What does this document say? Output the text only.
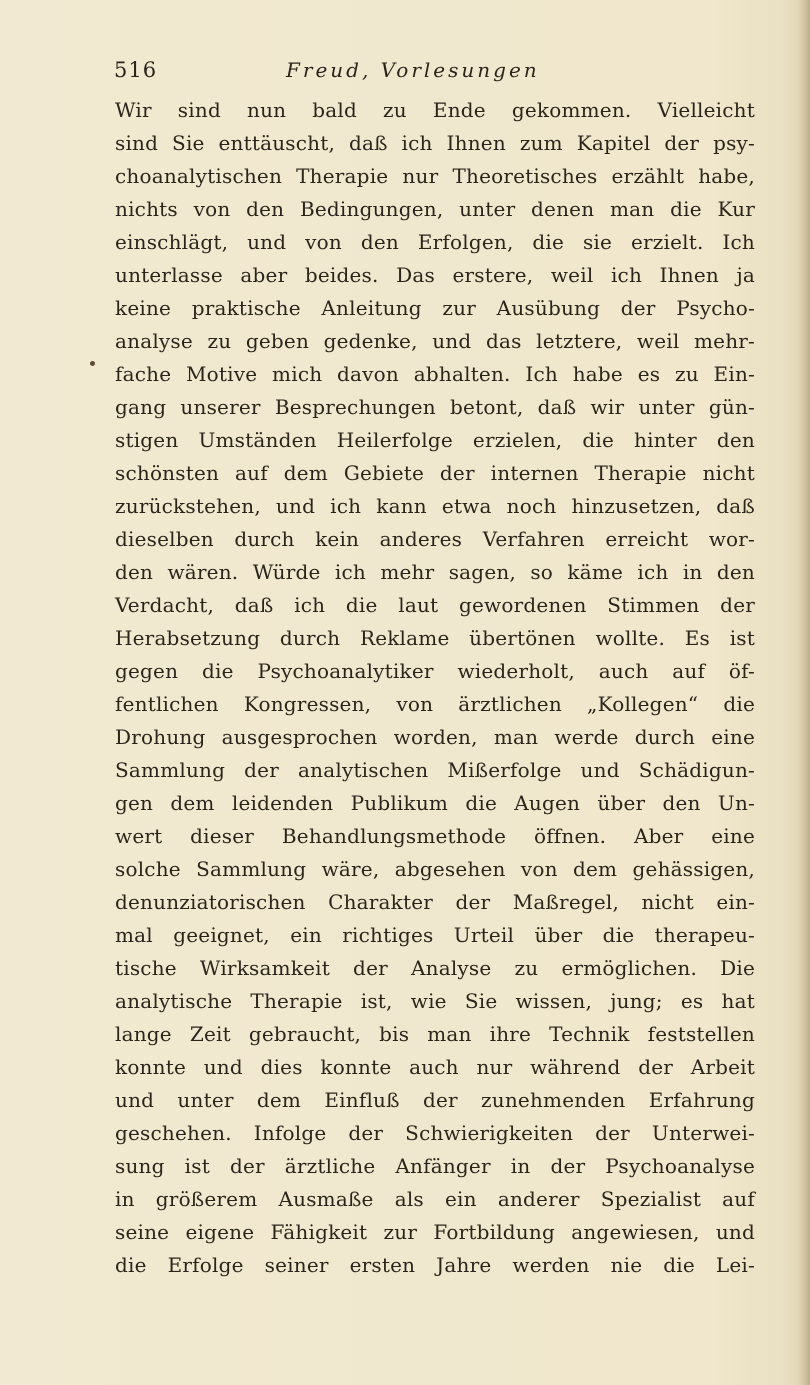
516	Freud, Vorlesungen
Wir sind nun bald zu Ende gekommen. Vielleicht
sind Sie enttäuscht, daß ich Ihnen zum Kapitel der psy-
choanalytischen Therapie nur Theoretisches erzählt habe,
nichts von den Bedingungen, unter denen man die Kur
einschlägt, und von den Erfolgen, die sie erzielt. Ich
unterlasse aber beides. Das erstere, weil ich Ihnen ja
keine praktische Anleitung zur Ausübung der Psycho-
analyse zu geben gedenke, und das letztere, weil mehr-
fache Motive mich davon abhalten. Ich habe es zu Ein-
gang unserer Besprechungen betont, daß wir unter gün-
stigen Umständen Heilerfolge erzielen, die hinter den
schönsten auf dem Gebiete der internen Therapie nicht
zurückstehen, und ich kann etwa noch hinzusetzen, daß
dieselben durch kein anderes Verfahren erreicht wor-
den wären. Würde ich mehr sagen, so käme ich in den
Verdacht, daß ich die laut gewordenen Stimmen der
Herabsetzung durch Reklame übertönen wollte. Es ist
gegen die Psychoanalytiker wiederholt, auch auf öf-
fentlichen Kongressen, von ärztlichen „Kollegen“ die
Drohung ausgesprochen worden, man werde durch eine
Sammlung der analytischen Mißerfolge und Schädigun-
gen dem leidenden Publikum die Augen über den Un-
wert dieser Behandlungsmethode öffnen. Aber eine
solche Sammlung wäre, abgesehen von dem gehässigen,
denunziatorischen Charakter der Maßregel, nicht ein-
mal geeignet, ein richtiges Urteil über die therapeu-
tische Wirksamkeit der Analyse zu ermöglichen. Die
analytische Therapie ist, wie Sie wissen, jung; es hat
lange Zeit gebraucht, bis man ihre Technik feststellen
konnte und dies konnte auch nur während der Arbeit
und unter dem Einfluß der zunehmenden Erfahrung
geschehen. Infolge der Schwierigkeiten der Unterwei-
sung ist der ärztliche Anfänger in der Psychoanalyse
in größerem Ausmaße als ein anderer Spezialist auf
seine eigene Fähigkeit zur Fortbildung angewiesen, und
die Erfolge seiner ersten Jahre werden nie die Lei-
